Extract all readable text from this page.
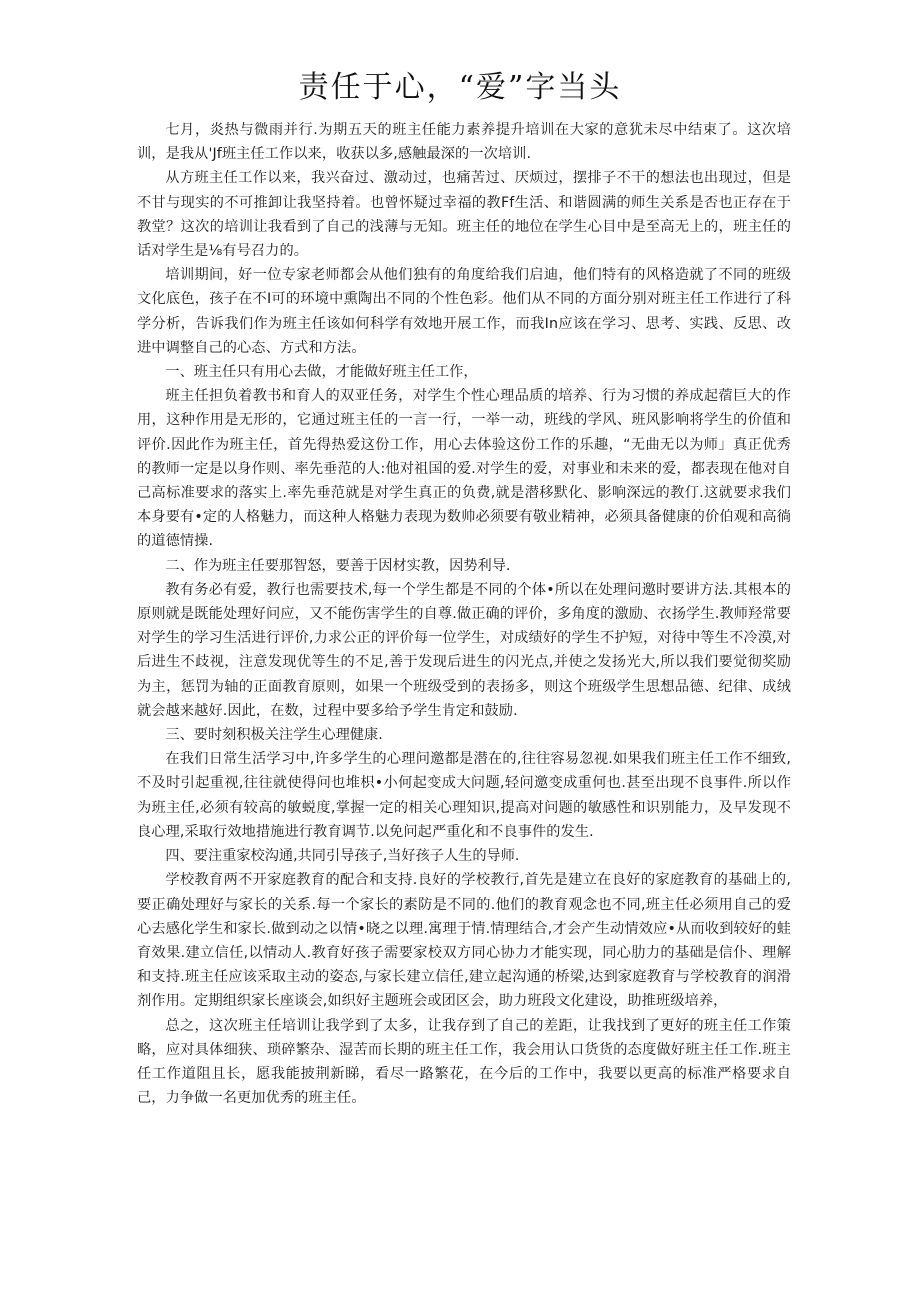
责任于心，“爱”字当头

七月，炎热与微雨并行.为期五天的班主任能力素养提升培训在大家的意犹未尽中结束了。这次培训，是我从'Jf班主任工作以来，收获以多,感触最深的一次培训.

从方班主任工作以来，我兴奋过、激动过，也痛苦过、厌烦过，摆排子不干的想法也出现过，但是不甘与现实的不可推卸让我坚持着。也曾怀疑过幸福的教Ff生活、和谐圆满的师生关系是否也正存在于教堂？这次的培训让我看到了自己的浅薄与无知。班主任的地位在学生心目中是至高无上的，班主任的话对学生是⅛有号召力的。

培训期间，好一位专家老师都会从他们独有的角度给我们启迪，他们特有的风格造就了不同的班级文化底色，孩子在不I可的环境中熏陶出不同的个性色彩。他们从不同的方面分别对班主任工作进行了科学分析，告诉我们作为班主任该如何科学有效地开展工作，而我In应该在学习、思考、实践、反思、改进中调整自己的心态、方式和方法。

一、班主任只有用心去做，才能做好班主任工作，

班主任担负着教书和育人的双亚任务，对学生个性心理品质的培养、行为习惯的养成起蓿巨大的作用，这种作用是无形的，它通过班主任的一言一行，一举一动，班线的学风、班风影响将学生的价值和评价.因此作为班主任，首先得热爱这份工作，用心去体验这份工作的乐趣，“无曲无以为师」真正优秀的教师一定是以身作则、率先垂范的人:他对祖国的爱.对学生的爱，对事业和未来的爱，都表现在他对自己高标准要求的落实上.率先垂范就是对学生真正的负费,就是潜移默化、影响深远的教仃.这就要求我们本身要有•定的人格魅力，而这种人格魅力表现为数帅必须要有敬业精神，必须具备健康的价伯观和高徜的道德情操.

二、作为班主任要那智怒，要善于因材实教，因势利导.

教有务必有爱，教行也需要技术,每一个学生都是不同的个体•所以在处理问邀时要讲方法.其根本的原则就是既能处理好问应，又不能伤害学生的自尊.做正确的评价，多角度的激励、衣扬学生.教师羟常要对学生的学习生活进行评价,力求公正的评价每一位学生，对成绩好的学生不护短，对待中等生不冷漠,对后进生不歧视，注意发现优等生的不足,善于发现后进生的闪光点,并使之发扬光大,所以我们要觉彻奖励为主，惩罚为轴的正面教育原则，如果一个班级受到的表扬多，则这个班级学生思想品德、纪律、成绒就会越来越好.因此，在数，过程中要多给予学生肯定和鼓励.

三、要时刻积极关注学生心理健康.

在我们日常生活学习中,许多学生的心理问邀都是潜在的,往往容易忽视.如果我们班主任工作不细致,不及时引起重视,往往就使得问也堆枳•小何起变成大问题,轻问邀变成重何也.甚至出现不良事件.所以作为班主任,必须有较高的敏蜕度,掌握一定的相关心理知识,提高对问题的敏感性和识别能力，及早发现不良心理,采取行效地措施进行教育调节.以免问起严重化和不良事件的发生.

四、要注重家校沟通,共同引导孩子,当好孩子人生的导师.

学校教育两不开家庭教育的配合和支持.良好的学校教行,首先是建立在良好的家庭教育的基础上的,要正确处理好与家长的关系.每一个家长的素防是不同的.他们的教育观念也不同,班主任必须用自己的爱心去感化学生和家长.做到动之以情•晓之以理.寓理于情.情理结合,才会产生动情效应•从而收到较好的蛙育效果.建立信任,以情动人.教育好孩子需要家校双方同心协力才能实现，同心肋力的基础是信仆、理解和支持.班主任应该采取主动的姿态,与家长建立信任,建立起沟通的桥梁,达到家庭教育与学校教育的润滑剂作用。定期组织家长座谈会,如织好主题班会或团区会，助力班段文化建设，助推班级培养，

总之，这次班主任培训让我学到了太多，让我存到了自己的差距，让我找到了更好的班主任工作策略，应对具体细狭、琐碎繁杂、湿苦而长期的班主任工作，我会用认口货货的态度做好班主任工作.班主任工作道阻且长，愿我能披荆新睇，看尽一路繁花，在今后的工作中，我要以更高的标准严格要求自己，力争做一名更加优秀的班主任。
